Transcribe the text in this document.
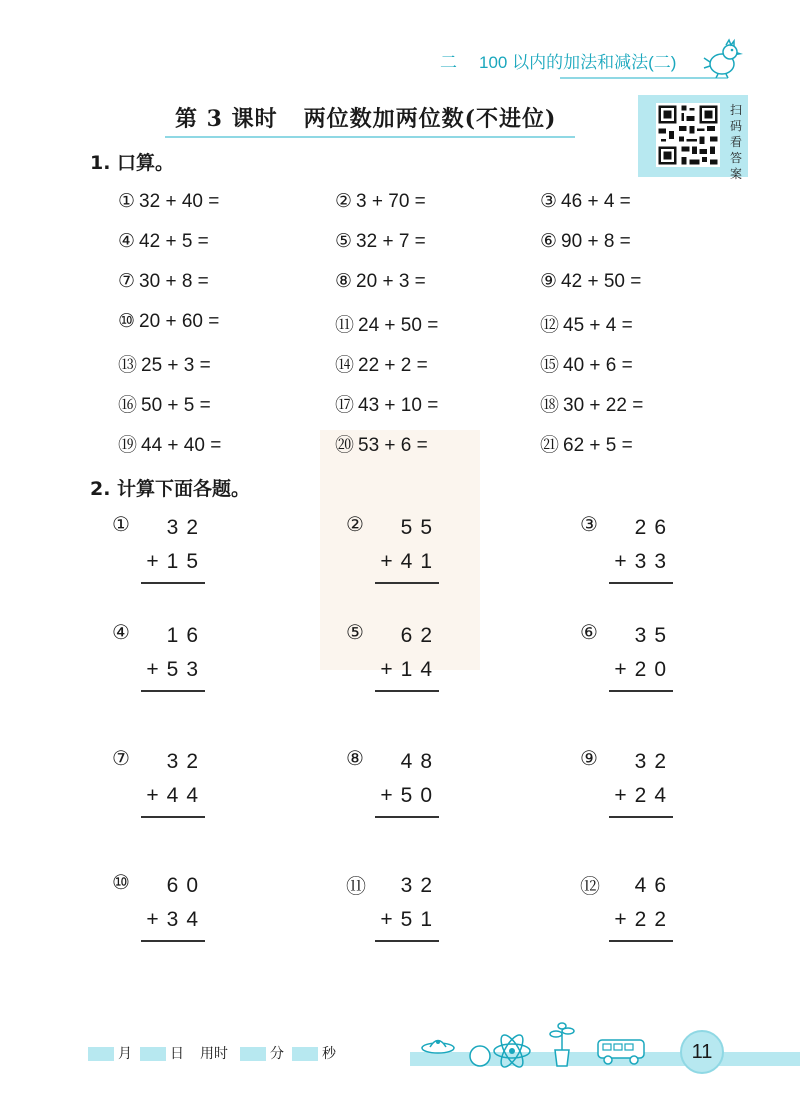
二 100 以内的加法和减法(二)
第 3 课时 两位数加两位数(不进位)	扫
码
看
答
案
1. 口算。
① 32 + 40 =	② 3 + 70 =	③ 46 + 4 =
④ 42 + 5 =	⑤ 32 + 7 =	⑥ 90 + 8 =
⑦ 30 + 8 =	⑧ 20 + 3 =	⑨ 42 + 50 =
⑩ 20 + 60 =	⑪ 24 + 50 =	⑫ 45 + 4 =
⑬ 25 + 3 =	⑭ 22 + 2 =	⑮ 40 + 6 =
⑯ 50 + 5 =	⑰ 43 + 10 =	⑱ 30 + 22 =
⑲ 44 + 40 =	⑳ 53 + 6 =	㉑ 62 + 5 =
2. 计算下面各题。
①	32
+15
②	55
+41
③	26
+33
④	16
+53
⑤	62
+14
⑥	35
+20
⑦	32
+44
⑧	48
+50
⑨	32
+24
⑩	60
+34
⑪	32
+51
⑫	46
+22
月	日 用时	分	秒	11
